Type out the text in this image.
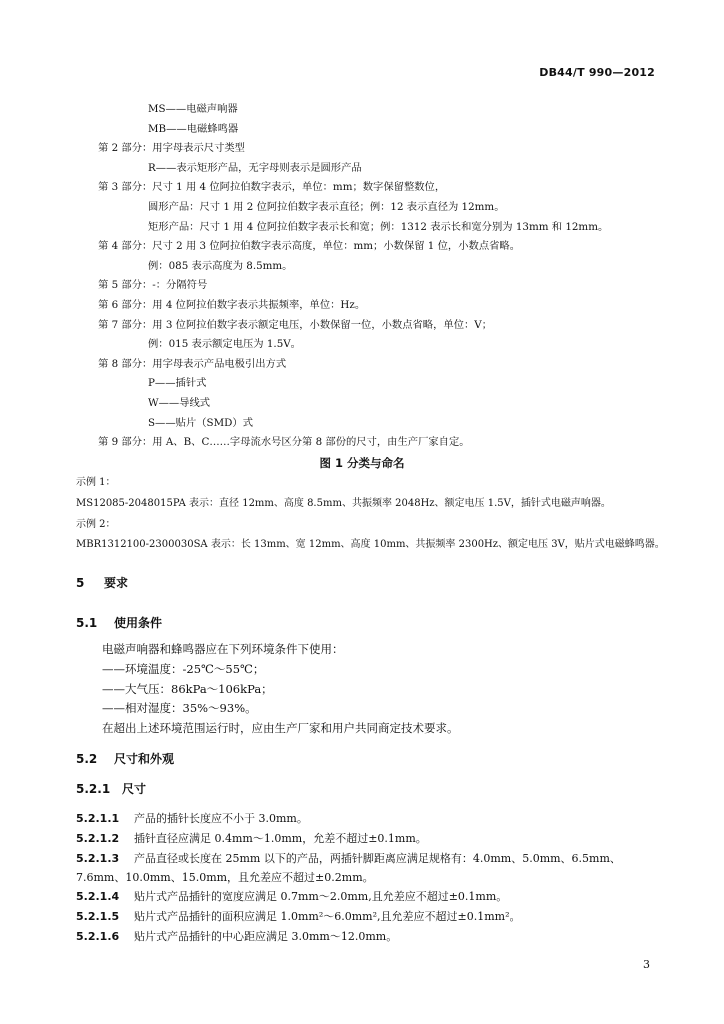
DB44/T 990—2012
MS——电磁声响器
MB——电磁蜂鸣器
第 2 部分：用字母表示尺寸类型
R——表示矩形产品，无字母则表示是圆形产品
第 3 部分：尺寸 1 用 4 位阿拉伯数字表示，单位：mm；数字保留整数位，
圆形产品：尺寸 1 用 2 位阿拉伯数字表示直径；例：12 表示直径为 12mm。
矩形产品：尺寸 1 用 4 位阿拉伯数字表示长和宽；例：1312 表示长和宽分别为 13mm 和 12mm。
第 4 部分：尺寸 2 用 3 位阿拉伯数字表示高度，单位：mm；小数保留 1 位，小数点省略。
例：085 表示高度为 8.5mm。
第 5 部分：-：分隔符号
第 6 部分：用 4 位阿拉伯数字表示共振频率，单位：Hz。
第 7 部分：用 3 位阿拉伯数字表示额定电压，小数保留一位，小数点省略，单位：V；
例：015 表示额定电压为 1.5V。
第 8 部分：用字母表示产品电极引出方式
P——插针式
W——导线式
S——贴片（SMD）式
第 9 部分：用 A、B、C……字母流水号区分第 8 部份的尺寸，由生产厂家自定。
图 1 分类与命名
示例 1：
MS12085-2048015PA 表示：直径 12mm、高度 8.5mm、共振频率 2048Hz、额定电压 1.5V，插针式电磁声响器。
示例 2：
MBR1312100-2300030SA 表示：长 13mm、宽 12mm、高度 10mm、共振频率 2300Hz、额定电压 3V，贴片式电磁蜂鸣器。
5 要求
5.1 使用条件
电磁声响器和蜂鸣器应在下列环境条件下使用：
——环境温度：-25℃～55℃；
——大气压：86kPa～106kPa；
——相对湿度：35%～93%。
在超出上述环境范围运行时，应由生产厂家和用户共同商定技术要求。
5.2 尺寸和外观
5.2.1 尺寸
5.2.1.1 产品的插针长度应不小于 3.0mm。
5.2.1.2 插针直径应满足 0.4mm～1.0mm，允差不超过±0.1mm。
5.2.1.3 产品直径或长度在 25mm 以下的产品，两插针脚距离应满足规格有：4.0mm、5.0mm、6.5mm、
7.6mm、10.0mm、15.0mm，且允差应不超过±0.2mm。
5.2.1.4 贴片式产品插针的宽度应满足 0.7mm～2.0mm,且允差应不超过±0.1mm。
5.2.1.5 贴片式产品插针的面积应满足 1.0mm²～6.0mm²,且允差应不超过±0.1mm²。
5.2.1.6 贴片式产品插针的中心距应满足 3.0mm～12.0mm。
3
